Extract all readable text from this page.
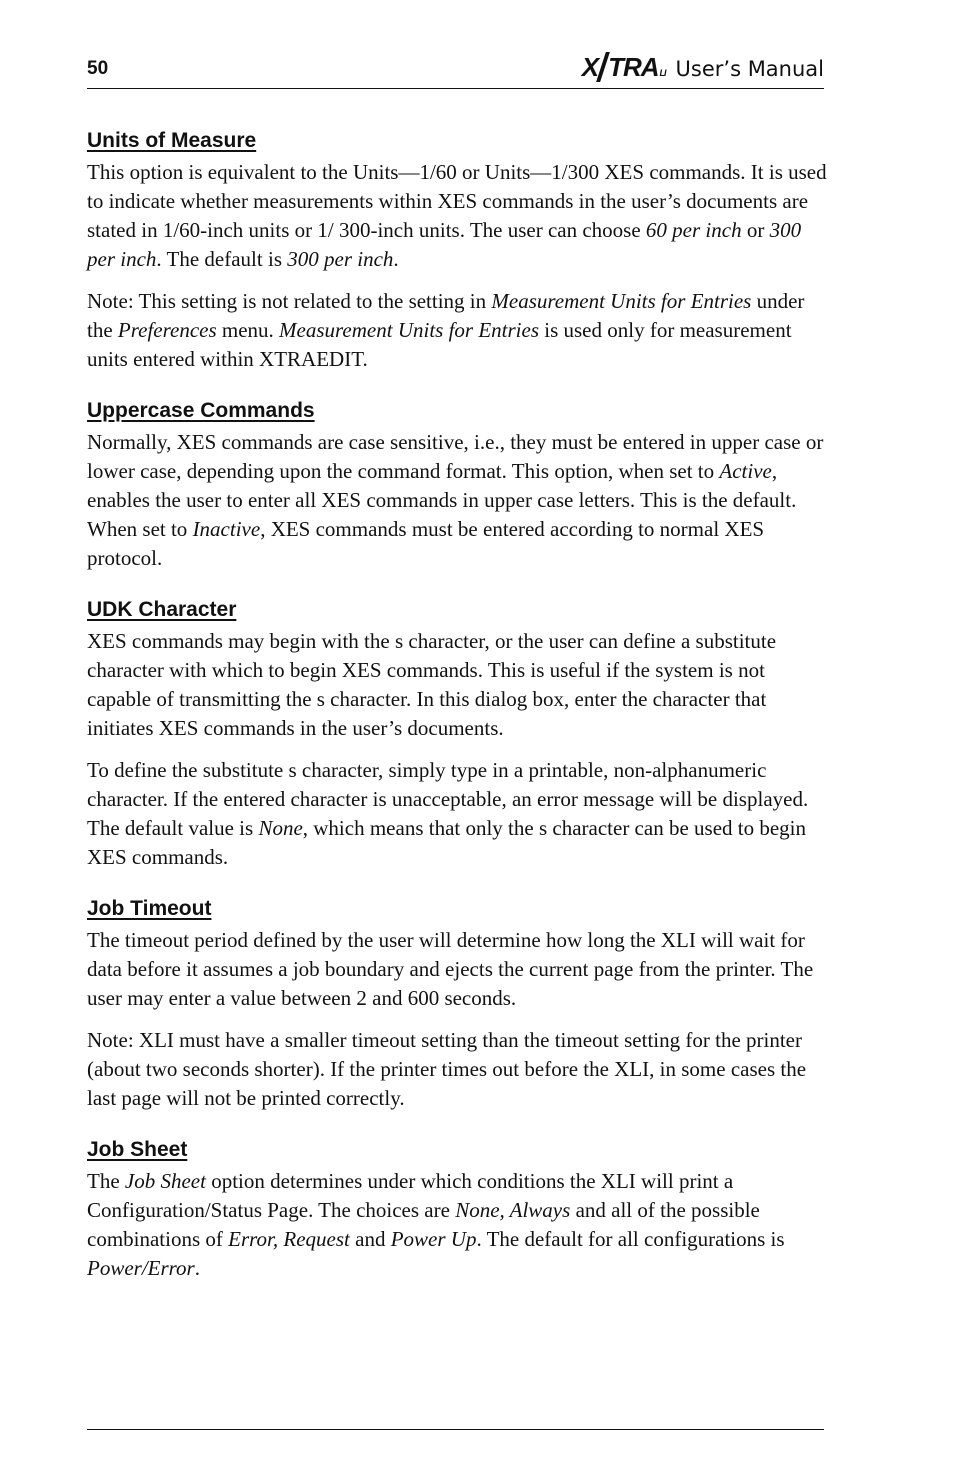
50	X TRALI User’s Manual
Units of Measure

This option is equivalent to the Units—1/60 or Units—1/300 XES commands. It is used to indicate whether measurements within XES commands in the user’s documents are stated in 1/60-inch units or 1/ 300-inch units. The user can choose 60 per inch or 300 per inch. The default is 300 per inch.

Note: This setting is not related to the setting in Measurement Units for Entries under the Preferences menu. Measurement Units for Entries is used only for measurement units entered within XTRAEDIT.

Uppercase Commands

Normally, XES commands are case sensitive, i.e., they must be entered in upper case or lower case, depending upon the command format. This option, when set to Active, enables the user to enter all XES commands in upper case letters. This is the default. When set to Inactive, XES commands must be entered according to normal XES protocol.

UDK Character

XES commands may begin with the s character, or the user can define a substitute character with which to begin XES commands. This is useful if the system is not capable of transmitting the s character. In this dialog box, enter the character that initiates XES commands in the user’s documents.

To define the substitute s character, simply type in a printable, non-alphanumeric character. If the entered character is unacceptable, an error message will be displayed. The default value is None, which means that only the s character can be used to begin XES commands.

Job Timeout

The timeout period defined by the user will determine how long the XLI will wait for data before it assumes a job boundary and ejects the current page from the printer. The user may enter a value between 2 and 600 seconds.

Note: XLI must have a smaller timeout setting than the timeout setting for the printer (about two seconds shorter). If the printer times out before the XLI, in some cases the last page will not be printed correctly.

Job Sheet

The Job Sheet option determines under which conditions the XLI will print a Configuration/Status Page. The choices are None, Always and all of the possible combinations of Error, Request and Power Up. The default for all configurations is Power/Error.
